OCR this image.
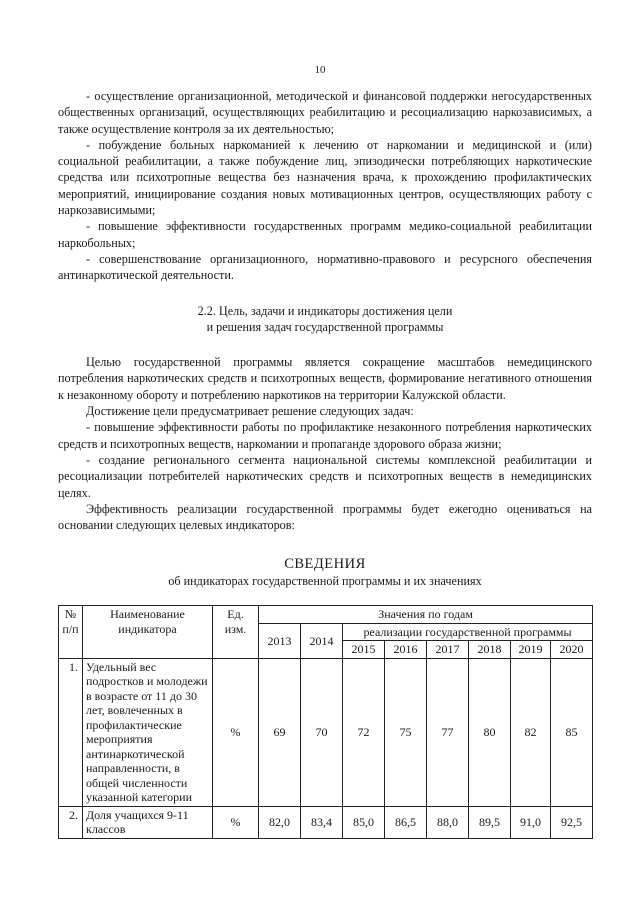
10

- осуществление организационной, методической и финансовой поддержки негосударственных общественных организаций, осуществляющих реабилитацию и ресоциализацию наркозависимых, а также осуществление контроля за их деятельностью;

- побуждение больных наркоманией к лечению от наркомании и медицинской и (или) социальной реабилитации, а также побуждение лиц, эпизодически потребляющих наркотические средства или психотропные вещества без назначения врача, к прохождению профилактических мероприятий, инициирование создания новых мотивационных центров, осуществляющих работу с наркозависимыми;

- повышение эффективности государственных программ медико-социальной реабилитации наркобольных;

- совершенствование организационного, нормативно-правового и ресурсного обеспечения антинаркотической деятельности.

2.2. Цель, задачи и индикаторы достижения цели
и решения задач государственной программы

Целью государственной программы является сокращение масштабов немедицинского потребления наркотических средств и психотропных веществ, формирование негативного отношения к незаконному обороту и потреблению наркотиков на территории Калужской области.

Достижение цели предусматривает решение следующих задач:

- повышение эффективности работы по профилактике незаконного потребления наркотических средств и психотропных веществ, наркомании и пропаганде здорового образа жизни;

- создание регионального сегмента национальной системы комплексной реабилитации и ресоциализации потребителей наркотических средств и психотропных веществ в немедицинских целях.

Эффективность реализации государственной программы будет ежегодно оцениваться на основании следующих целевых индикаторов:

СВЕДЕНИЯ
об индикаторах государственной программы и их значениях
№ п/п	Наименование индикатора	Ед. изм.	Значения по годам							
			2013	2014	реализации государственной программы					
					2015	2016	2017	2018	2019	2020
1.	Удельный вес подростков и молодежи в возрасте от 11 до 30 лет, вовлеченных в профилактические мероприятия антинаркотической направленности, в общей численности указанной категории	%	69	70	72	75	77	80	82	85
2.	Доля учащихся 9-11 классов	%	82,0	83,4	85,0	86,5	88,0	89,5	91,0	92,5
